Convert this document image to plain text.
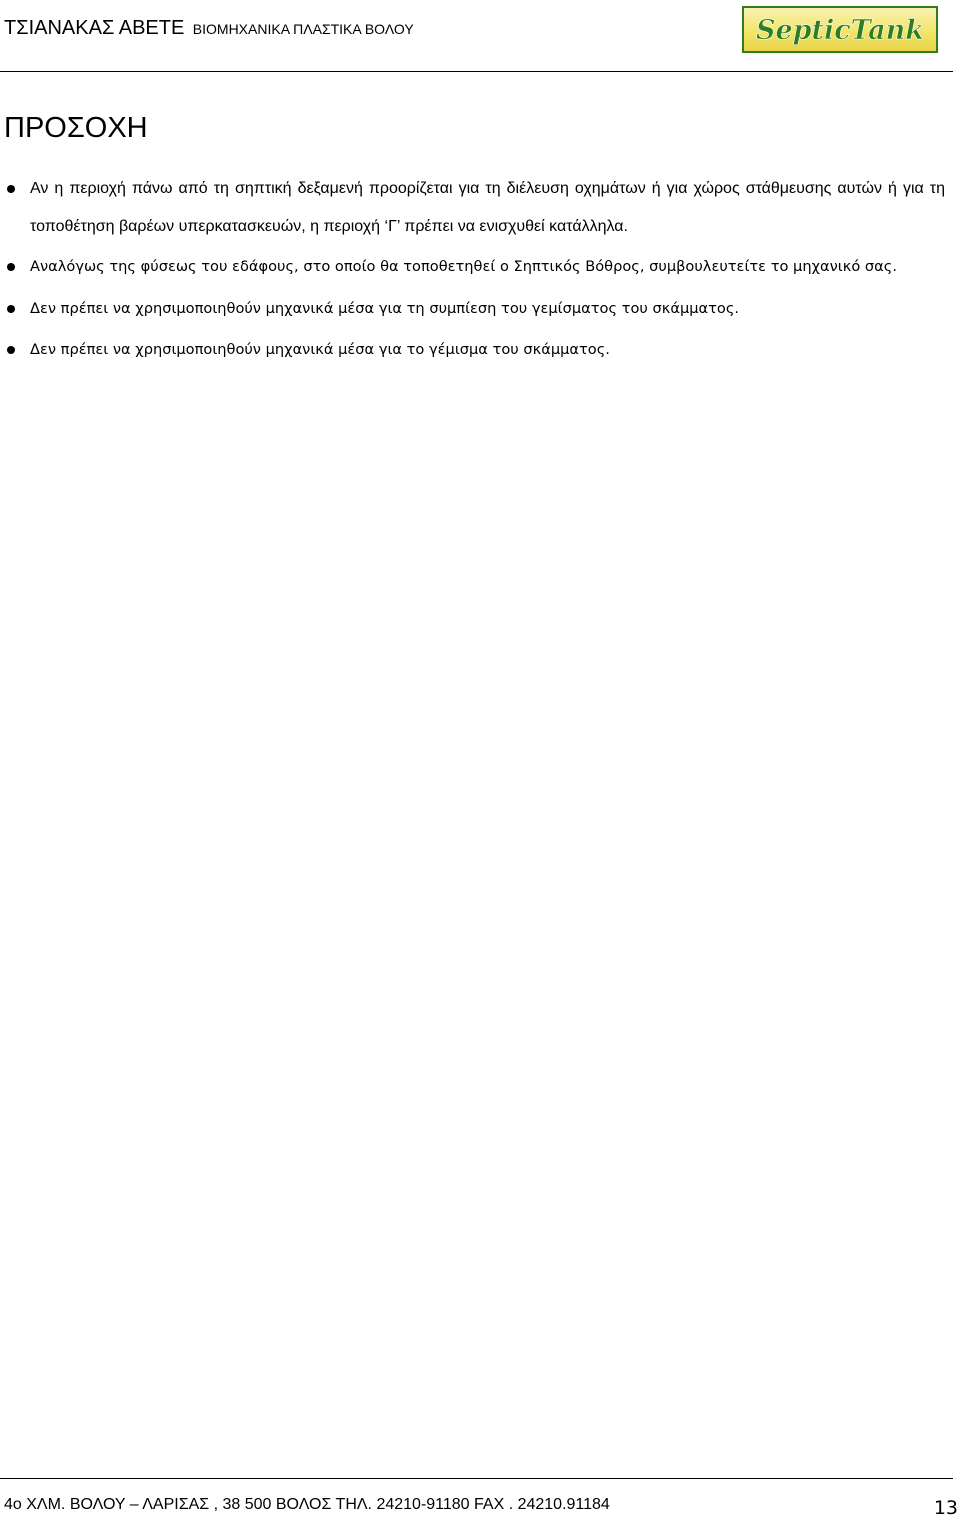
ΤΣΙΑΝΑΚΑΣ ΑΒΕΤΕ ΒΙΟΜΗΧΑΝΙΚΑ ΠΛΑΣΤΙΚΑ ΒΟΛΟΥ	SepticTank
ΠΡΟΣΟΧΗ
Αν η περιοχή πάνω από τη σηπτική δεξαμενή προορίζεται για τη διέλευση οχημάτων ή για χώρος στάθμευσης αυτών ή για τη τοποθέτηση βαρέων υπερκατασκευών, η περιοχή ‘Γ’ πρέπει να ενισχυθεί κατάλληλα.
Αναλόγως της φύσεως του εδάφους, στο οποίο θα τοποθετηθεί ο Σηπτικός Βόθρος, συμβουλευτείτε το μηχανικό σας.
Δεν πρέπει να χρησιμοποιηθούν μηχανικά μέσα για τη συμπίεση του γεμίσματος του σκάμματος.
Δεν πρέπει να χρησιμοποιηθούν μηχανικά μέσα για το γέμισμα του σκάμματος.
4ο ΧΛΜ. ΒΟΛΟΥ – ΛΑΡΙΣΑΣ , 38 500 ΒΟΛΟΣ ΤΗΛ. 24210-91180 FAX . 24210.91184	13
